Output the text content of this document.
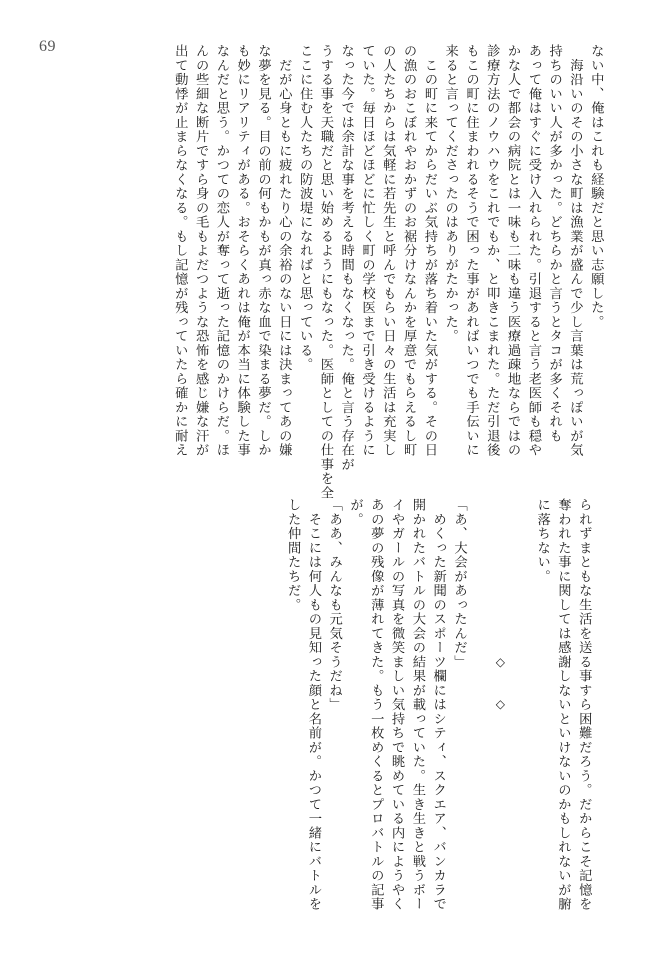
69	ない中、俺はこれも経験だと思い志願した。
　海沿いのその小さな町は漁業が盛んで少し言葉は荒っぽいが気
持ちのいい人が多かった。どちらかと言うとタコが多くそれも
あって俺はすぐに受け入れられた。引退すると言う老医師も穏や
かな人で都会の病院とは一味も二味も違う医療過疎地ならではの
診療方法のノウハウをこれでもか、と叩きこまれた。ただ引退後
もこの町に住まわれるそうで困った事があればいつでも手伝いに
来ると言ってくださったのはありがたかった。
　この町に来てからだいぶ気持ちが落ち着いた気がする。その日
の漁のおこぼれやおかずのお裾分けなんかを厚意でもらえるし町
の人たちからは気軽に若先生と呼んでもらい日々の生活は充実し
ていた。毎日ほどほどに忙しく町の学校医まで引き受けるように
なった今では余計な事を考える時間もなくなった。俺と言う存在が
うする事を天職だと思い始めるようにもなった。医師としての仕事を全
ここに住む人たちの防波堤になればと思っている。
　だが心身ともに疲れたり心の余裕のない日には決まってあの嫌
な夢を見る。目の前の何もかもが真っ赤な血で染まる夢だ。しか
も妙にリアリティがある。おそらくあれは俺が本当に体験した事
なんだと思う。かつての恋人が奪って逝った記憶のかけらだ。ほ
んの些細な断片ですら身の毛もよだつような恐怖を感じ嫌な汗が
出て動悸が止まらなくなる。もし記憶が残っていたら確かに耐え
られずまともな生活を送る事すら困難だろう。だからこそ記憶を
奪われた事に関しては感謝しないといけないのかもしれないが腑
に落ちない。
◇　◇
「あ、大会があったんだ」
　めくった新聞のスポーツ欄にはシティ、スクエア、バンカラで
開かれたバトルの大会の結果が載っていた。生き生きと戦うボー
イやガールの写真を微笑ましい気持ちで眺めている内にようやく
あの夢の残像が薄れてきた。もう一枚めくるとプロバトルの記事
が。
「ああ、みんなも元気そうだね」
　そこには何人もの見知った顔と名前が。かつて一緒にバトルを
した仲間たちだ。
